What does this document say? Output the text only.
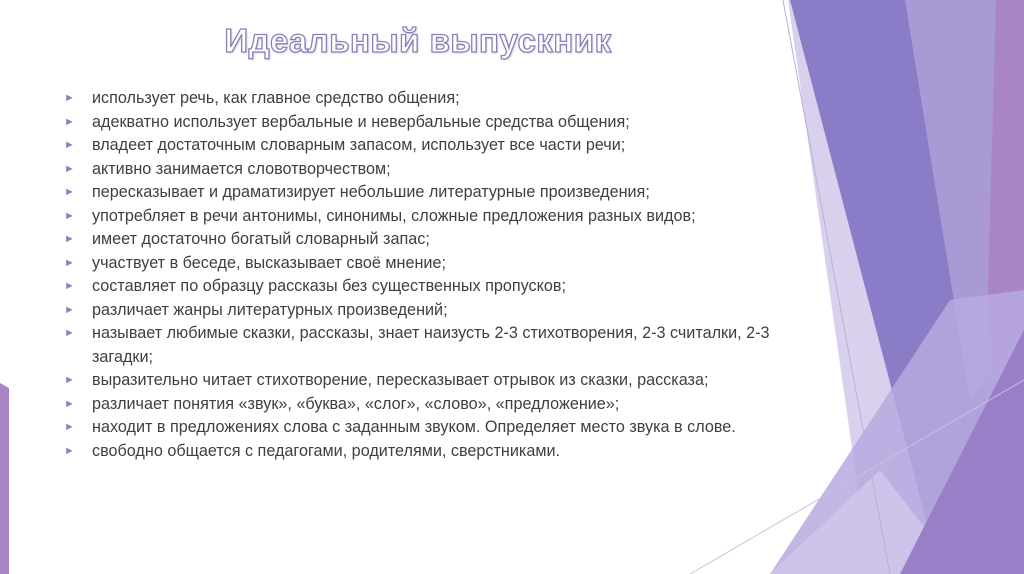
Идеальный выпускник
► использует речь, как главное средство общения;
► адекватно использует вербальные и невербальные средства общения;
► владеет достаточным словарным запасом, использует все части речи;
► активно занимается словотворчеством;
► пересказывает и драматизирует небольшие литературные произведения;
► употребляет в речи антонимы, синонимы, сложные предложения разных видов;
► имеет достаточно богатый словарный запас;
► участвует в беседе, высказывает своё мнение;
► составляет по образцу рассказы без существенных пропусков;
► различает жанры литературных произведений;
► называет любимые сказки, рассказы, знает наизусть 2-3 стихотворения, 2-3 считалки, 2-3 загадки;
► выразительно читает стихотворение, пересказывает отрывок из сказки, рассказа;
► различает понятия «звук», «буква», «слог», «слово», «предложение»;
► находит в предложениях слова с заданным звуком. Определяет место звука в слове.
► свободно общается с педагогами, родителями, сверстниками.
